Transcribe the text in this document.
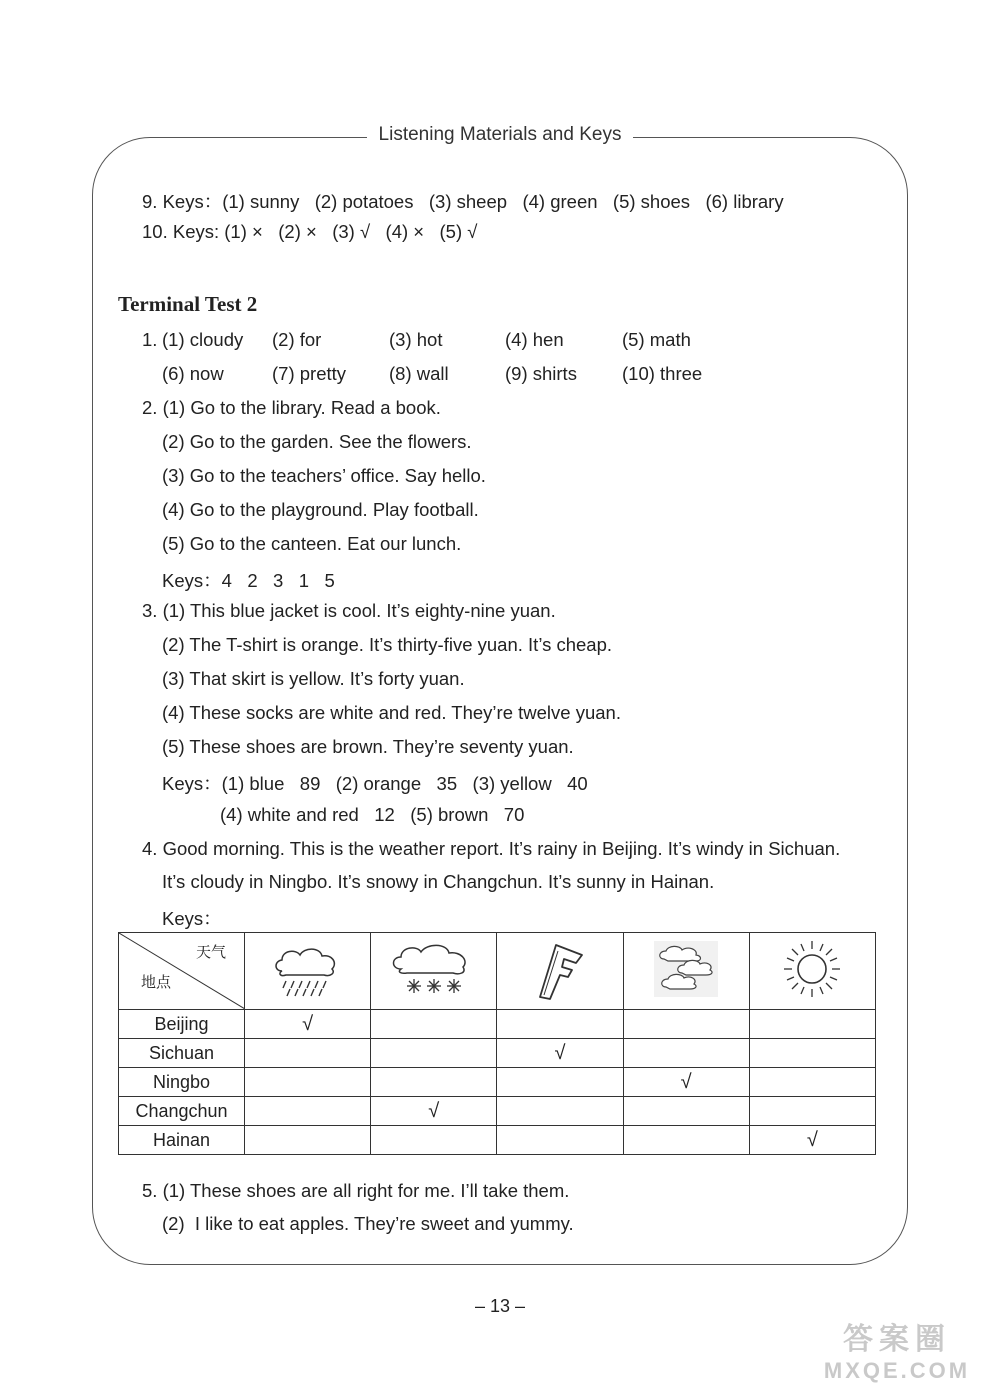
Listening Materials and Keys
9. Keys：(1) sunny   (2) potatoes   (3) sheep   (4) green   (5) shoes   (6) library
10. Keys: (1) ×   (2) ×   (3) √   (4) ×   (5) √
Terminal Test 2
1. (1) cloudy	(2) for	(3) hot	(4) hen	(5) math
(6) now	(7) pretty	(8) wall	(9) shirts	(10) three
2. (1) Go to the library. Read a book.
(2) Go to the garden. See the flowers.
(3) Go to the teachers’ office. Say hello.
(4) Go to the playground. Play football.
(5) Go to the canteen. Eat our lunch.
Keys：4   2   3   1   5
3. (1) This blue jacket is cool. It’s eighty-nine yuan.
(2) The T-shirt is orange. It’s thirty-five yuan. It’s cheap.
(3) That skirt is yellow. It’s forty yuan.
(4) These socks are white and red. They’re twelve yuan.
(5) These shoes are brown. They’re seventy yuan.
Keys：(1) blue   89   (2) orange   35   (3) yellow   40
(4) white and red   12   (5) brown   70
4. Good morning. This is the weather report. It’s rainy in Beijing. It’s windy in Sichuan.
It’s cloudy in Ningbo. It’s snowy in Changchun. It’s sunny in Hainan.
Keys：
天气
地点

Beijing	√				
Sichuan			√		
Ningbo				√	
Changchun		√			
Hainan					√
5. (1) These shoes are all right for me. I’ll take them.
(2)  I like to eat apples. They’re sweet and yummy.
– 13 –
答案圈
MXQE.COM
